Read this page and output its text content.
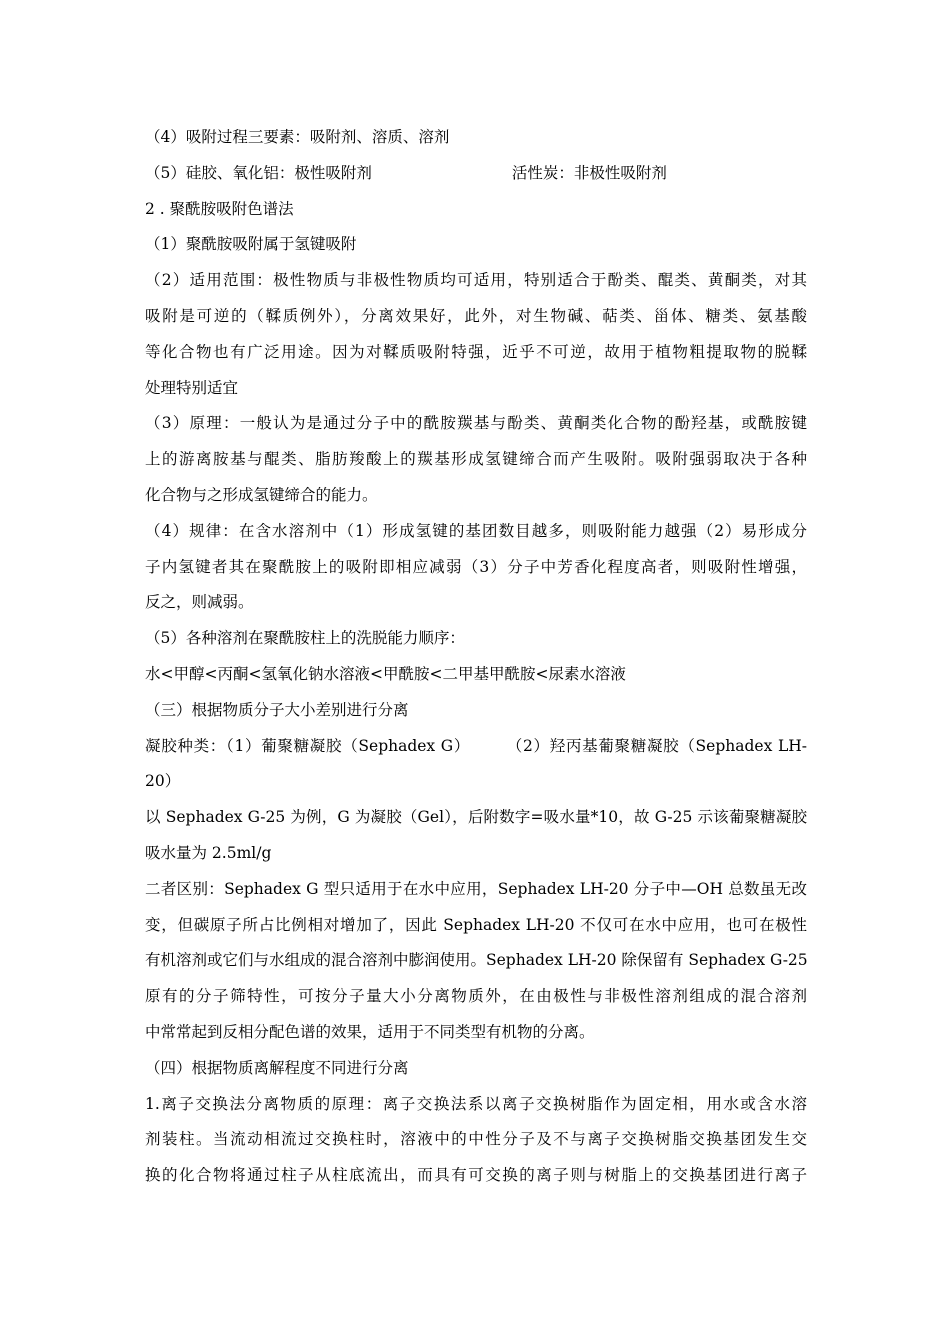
（4）吸附过程三要素：吸附剂、溶质、溶剂
（5）硅胶、氧化铝：极性吸附剂	活性炭：非极性吸附剂
2 . 聚酰胺吸附色谱法
（1）聚酰胺吸附属于氢键吸附
（2）适用范围：极性物质与非极性物质均可适用，特别适合于酚类、醌类、黄酮类，对其
吸附是可逆的（鞣质例外），分离效果好，此外，对生物碱、萜类、甾体、糖类、氨基酸
等化合物也有广泛用途。因为对鞣质吸附特强，近乎不可逆，故用于植物粗提取物的脱鞣
处理特别适宜
（3）原理：一般认为是通过分子中的酰胺羰基与酚类、黄酮类化合物的酚羟基，或酰胺键
上的游离胺基与醌类、脂肪羧酸上的羰基形成氢键缔合而产生吸附。吸附强弱取决于各种
化合物与之形成氢键缔合的能力。
（4）规律：在含水溶剂中（1）形成氢键的基团数目越多，则吸附能力越强（2）易形成分
子内氢键者其在聚酰胺上的吸附即相应减弱（3）分子中芳香化程度高者，则吸附性增强，
反之，则减弱。
（5）各种溶剂在聚酰胺柱上的洗脱能力顺序：
水<甲醇<丙酮<氢氧化钠水溶液<甲酰胺<二甲基甲酰胺<尿素水溶液
（三）根据物质分子大小差别进行分离
凝胶种类：（1）葡聚糖凝胶（Sephadex G） （2）羟丙基葡聚糖凝胶（Sephadex LH-
20）
以 Sephadex G-25 为例，G 为凝胶（Gel），后附数字=吸水量*10，故 G-25 示该葡聚糖凝胶
吸水量为 2.5ml/g
二者区别：Sephadex G 型只适用于在水中应用，Sephadex LH-20 分子中—OH 总数虽无改
变，但碳原子所占比例相对增加了，因此 Sephadex LH-20 不仅可在水中应用，也可在极性
有机溶剂或它们与水组成的混合溶剂中膨润使用。Sephadex LH-20 除保留有 Sephadex G-25
原有的分子筛特性，可按分子量大小分离物质外，在由极性与非极性溶剂组成的混合溶剂
中常常起到反相分配色谱的效果，适用于不同类型有机物的分离。
（四）根据物质离解程度不同进行分离
1.离子交换法分离物质的原理：离子交换法系以离子交换树脂作为固定相，用水或含水溶
剂装柱。当流动相流过交换柱时，溶液中的中性分子及不与离子交换树脂交换基团发生交
换的化合物将通过柱子从柱底流出，而具有可交换的离子则与树脂上的交换基团进行离子
